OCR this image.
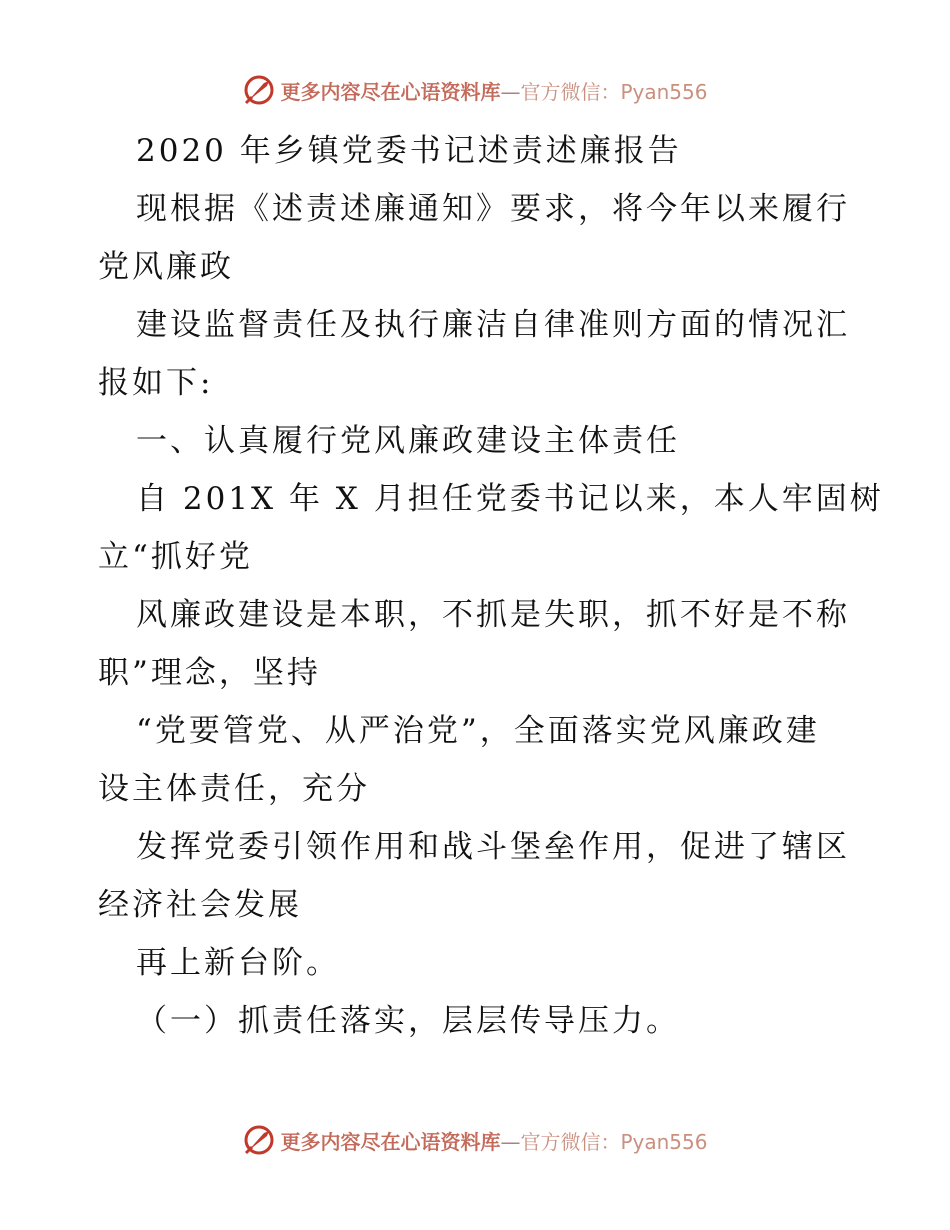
更多内容尽在心语资料库—官方微信：Pyan556
2020 年乡镇党委书记述责述廉报告
现根据《述责述廉通知》要求，将今年以来履行
党风廉政
建设监督责任及执行廉洁自律准则方面的情况汇
报如下:
一、认真履行党风廉政建设主体责任
自 201X 年 X 月担任党委书记以来，本人牢固树
立“抓好党
风廉政建设是本职，不抓是失职，抓不好是不称
职”理念，坚持
“党要管党、从严治党”，全面落实党风廉政建
设主体责任，充分
发挥党委引领作用和战斗堡垒作用，促进了辖区
经济社会发展
再上新台阶。
（一）抓责任落实，层层传导压力。
更多内容尽在心语资料库—官方微信：Pyan556
